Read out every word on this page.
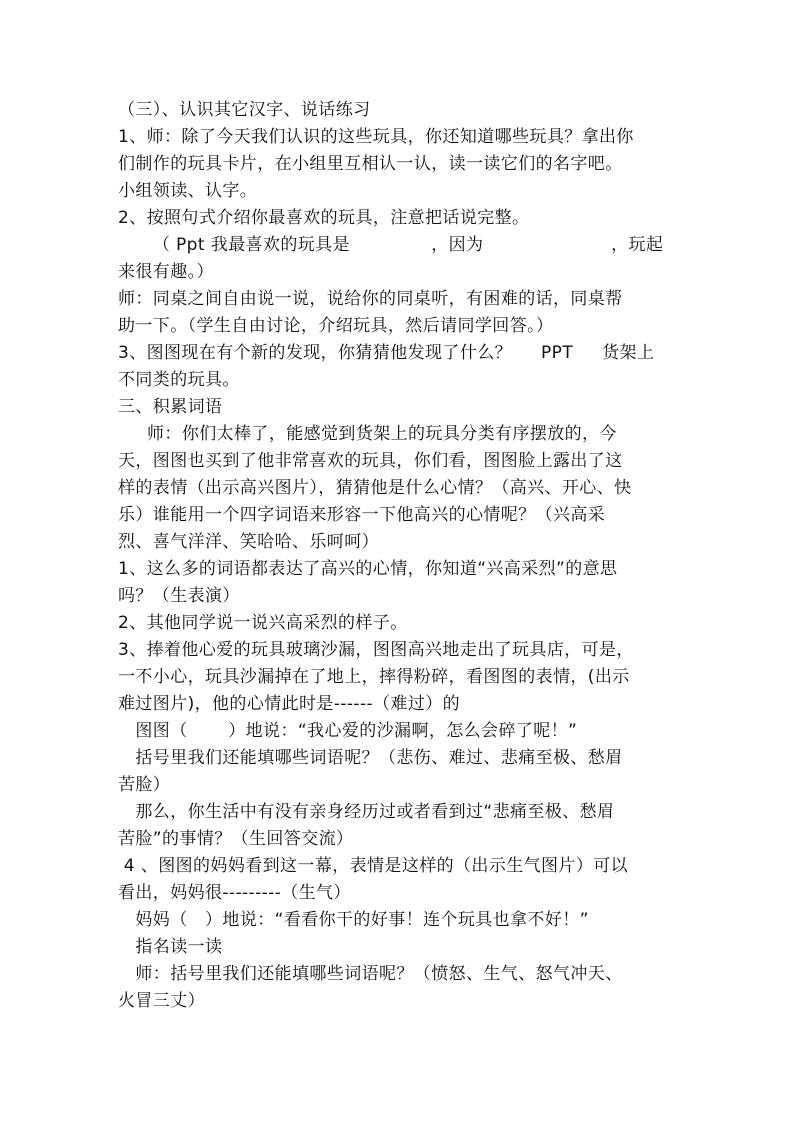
（三）、认识其它汉字、说话练习
1、师：除了今天我们认识的这些玩具，你还知道哪些玩具？拿出你
们制作的玩具卡片，在小组里互相认一认，读一读它们的名字吧。
小组领读、认字。
2、按照句式介绍你最喜欢的玩具，注意把话说完整。
（ Ppt 我最喜欢的玩具是              ，因为                      ，玩起
来很有趣。）
师：同桌之间自由说一说，说给你的同桌听，有困难的话，同桌帮
助一下。（学生自由讨论，介绍玩具，然后请同学回答。）
3、图图现在有个新的发现，你猜猜他发现了什么？     PPT     货架上
不同类的玩具。
三、积累词语
师：你们太棒了，能感觉到货架上的玩具分类有序摆放的，今
天，图图也买到了他非常喜欢的玩具，你们看，图图脸上露出了这
样的表情（出示高兴图片），猜猜他是什么心情？（高兴、开心、快
乐）谁能用一个四字词语来形容一下他高兴的心情呢？（兴高采
烈、喜气洋洋、笑哈哈、乐呵呵）
1、这么多的词语都表达了高兴的心情，你知道“兴高采烈”的意思
吗？（生表演）
2、其他同学说一说兴高采烈的样子。
3、捧着他心爱的玩具玻璃沙漏，图图高兴地走出了玩具店，可是，
一不小心，玩具沙漏掉在了地上，摔得粉碎，看图图的表情，(出示
难过图片)，他的心情此时是------（难过）的
图图（       ）地说：“我心爱的沙漏啊，怎么会碎了呢！”
括号里我们还能填哪些词语呢？（悲伤、难过、悲痛至极、愁眉
苦脸）
那么，你生活中有没有亲身经历过或者看到过“悲痛至极、愁眉
苦脸”的事情？（生回答交流）
4 、图图的妈妈看到这一幕，表情是这样的（出示生气图片）可以
看出，妈妈很---------（生气）
妈妈（   ）地说：“看看你干的好事！连个玩具也拿不好！”
指名读一读
师：括号里我们还能填哪些词语呢？（愤怒、生气、怒气冲天、
火冒三丈）
